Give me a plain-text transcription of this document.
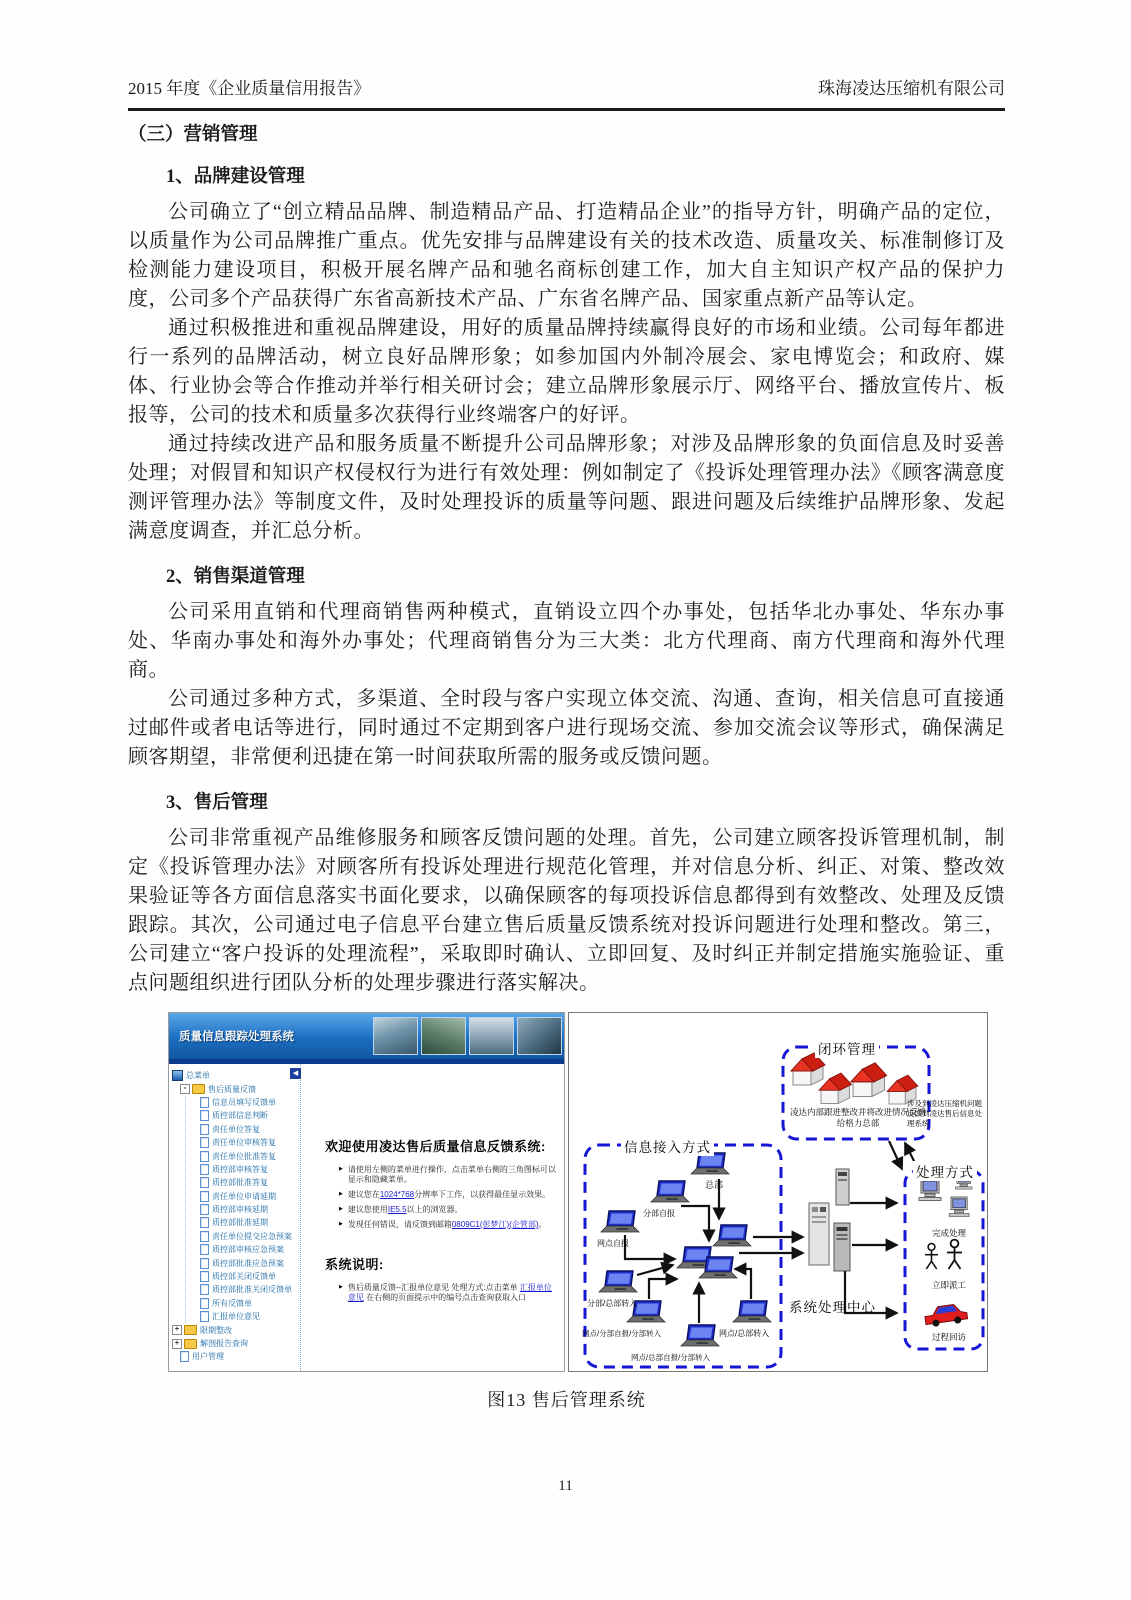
2015 年度《企业质量信用报告》	珠海凌达压缩机有限公司
（三）营销管理
1、品牌建设管理

公司确立了“创立精品品牌、制造精品产品、打造精品企业”的指导方针，明确产品的定位，以质量作为公司品牌推广重点。优先安排与品牌建设有关的技术改造、质量攻关、标准制修订及检测能力建设项目，积极开展名牌产品和驰名商标创建工作，加大自主知识产权产品的保护力度，公司多个产品获得广东省高新技术产品、广东省名牌产品、国家重点新产品等认定。

通过积极推进和重视品牌建设，用好的质量品牌持续赢得良好的市场和业绩。公司每年都进行一系列的品牌活动，树立良好品牌形象；如参加国内外制冷展会、家电博览会；和政府、媒体、行业协会等合作推动并举行相关研讨会；建立品牌形象展示厅、网络平台、播放宣传片、板报等，公司的技术和质量多次获得行业终端客户的好评。

通过持续改进产品和服务质量不断提升公司品牌形象；对涉及品牌形象的负面信息及时妥善处理；对假冒和知识产权侵权行为进行有效处理：例如制定了《投诉处理管理办法》《顾客满意度测评管理办法》等制度文件，及时处理投诉的质量等问题、跟进问题及后续维护品牌形象、发起满意度调查，并汇总分析。

2、销售渠道管理

公司采用直销和代理商销售两种模式，直销设立四个办事处，包括华北办事处、华东办事处、华南办事处和海外办事处；代理商销售分为三大类：北方代理商、南方代理商和海外代理商。

公司通过多种方式，多渠道、全时段与客户实现立体交流、沟通、查询，相关信息可直接通过邮件或者电话等进行，同时通过不定期到客户进行现场交流、参加交流会议等形式，确保满足顾客期望，非常便利迅捷在第一时间获取所需的服务或反馈问题。

3、售后管理

公司非常重视产品维修服务和顾客反馈问题的处理。首先，公司建立顾客投诉管理机制，制定《投诉管理办法》对顾客所有投诉处理进行规范化管理，并对信息分析、纠正、对策、整改效果验证等各方面信息落实书面化要求，以确保顾客的每项投诉信息都得到有效整改、处理及反馈跟踪。其次，公司通过电子信息平台建立售后质量反馈系统对投诉问题进行处理和整改。第三，公司建立“客户投诉的处理流程”，采取即时确认、立即回复、及时纠正并制定措施实施验证、重点问题组织进行团队分析的处理步骤进行落实解决。

质量信息跟踪处理系统
◀
总菜单
-
售后质量反馈
信息员填写反馈单
质控部信息判断
责任单位答复
责任单位审核答复
责任单位批准答复
质控部审核答复
质控部批准答复
责任单位申请延期
质控部审核延期
质控部批准延期
责任单位提交应急预案
质控部审核应急预案
质控部批准应急预案
质控部关闭反馈单
质控部批准关闭反馈单
所有反馈单
汇报单位意见
+
限期整改
+
解剖报告查询
用户管理
欢迎使用凌达售后质量信息反馈系统:
▶ 请使用左侧的菜单进行操作，点击菜单右侧的三角图标可以显示和隐藏菜单。
▶ 建议您在1024*768分辨率下工作，以获得最佳显示效果。
▶ 建议您使用IE5.5以上的浏览器。
▶ 发现任何错误，请反馈到邮箱0809C1(彭梦江)(企管部)。
系统说明:
▶ 售后质量反馈--汇报单位意见 处理方式:点击菜单 汇报单位意见 在右侧的页面提示中的编号点击查询获取入口
闭环管理
凌达内部跟进整改并将改进情况反馈给格力总部
涉及到凌达压缩机问题反馈到凌达售后信息处理系统
信息接入方式
总部
分部自报
网点自报
分部/总部转入
网点/分部自报/分部转入	网点/总部转入
网点/总部自报/分部转入
系统处理中心
处理方式
完成处理
立即派工
过程回访
图13 售后管理系统
11
